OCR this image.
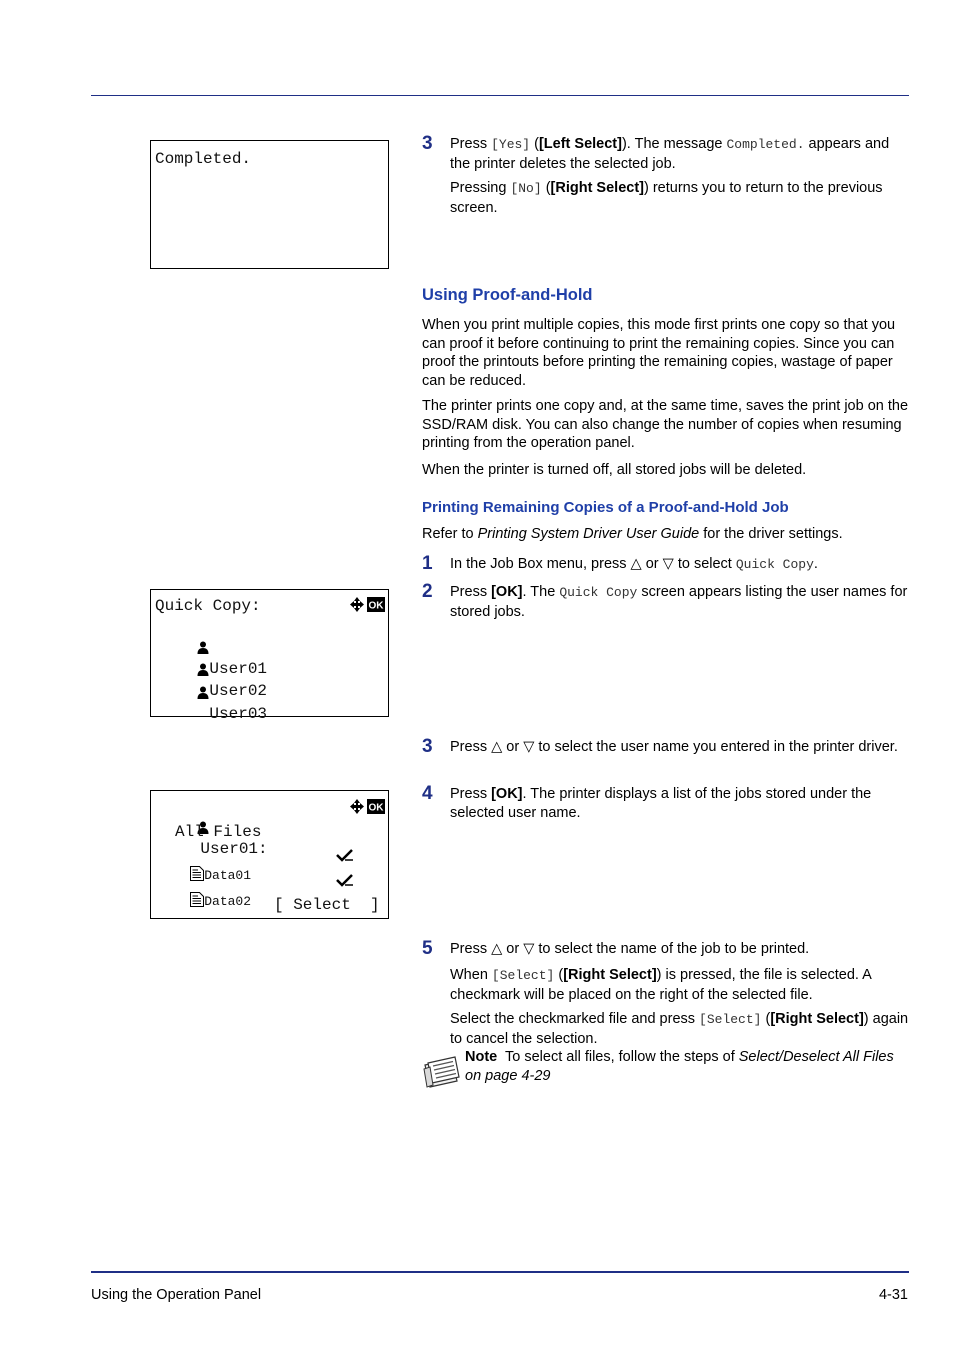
Completed.
3 Press [Yes] ([Left Select]). The message Completed. appears and the printer deletes the selected job.

Pressing [No] ([Right Select]) returns you to return to the previous screen.

Using Proof-and-Hold

When you print multiple copies, this mode first prints one copy so that you can proof it before continuing to print the remaining copies. Since you can proof the printouts before printing the remaining copies, wastage of paper can be reduced.

The printer prints one copy and, at the same time, saves the print job on the SSD/RAM disk. You can also change the number of copies when resuming printing from the operation panel.

When the printer is turned off, all stored jobs will be deleted.

Printing Remaining Copies of a Proof-and-Hold Job

Refer to Printing System Driver User Guide for the driver settings.

1 In the Job Box menu, press △ or ▽ to select Quick Copy.

2 Press [OK]. The Quick Copy screen appears listing the user names for stored jobs.

Quick Copy:	OK

User01

User02

User03

3 Press △ or ▽ to select the user name you entered in the printer driver.

4 Press [OK]. The printer displays a list of the jobs stored under the selected user name.

User01:

OK
All Files

Data01

Data02
[ Select  ]
5 Press △ or ▽ to select the name of the job to be printed.

When [Select] ([Right Select]) is pressed, the file is selected. A checkmark will be placed on the right of the selected file.

Select the checkmarked file and press [Select] ([Right Select]) again to cancel the selection.

Note  To select all files, follow the steps of Select/Deselect All Files on page 4-29

Using the Operation Panel	4-31
